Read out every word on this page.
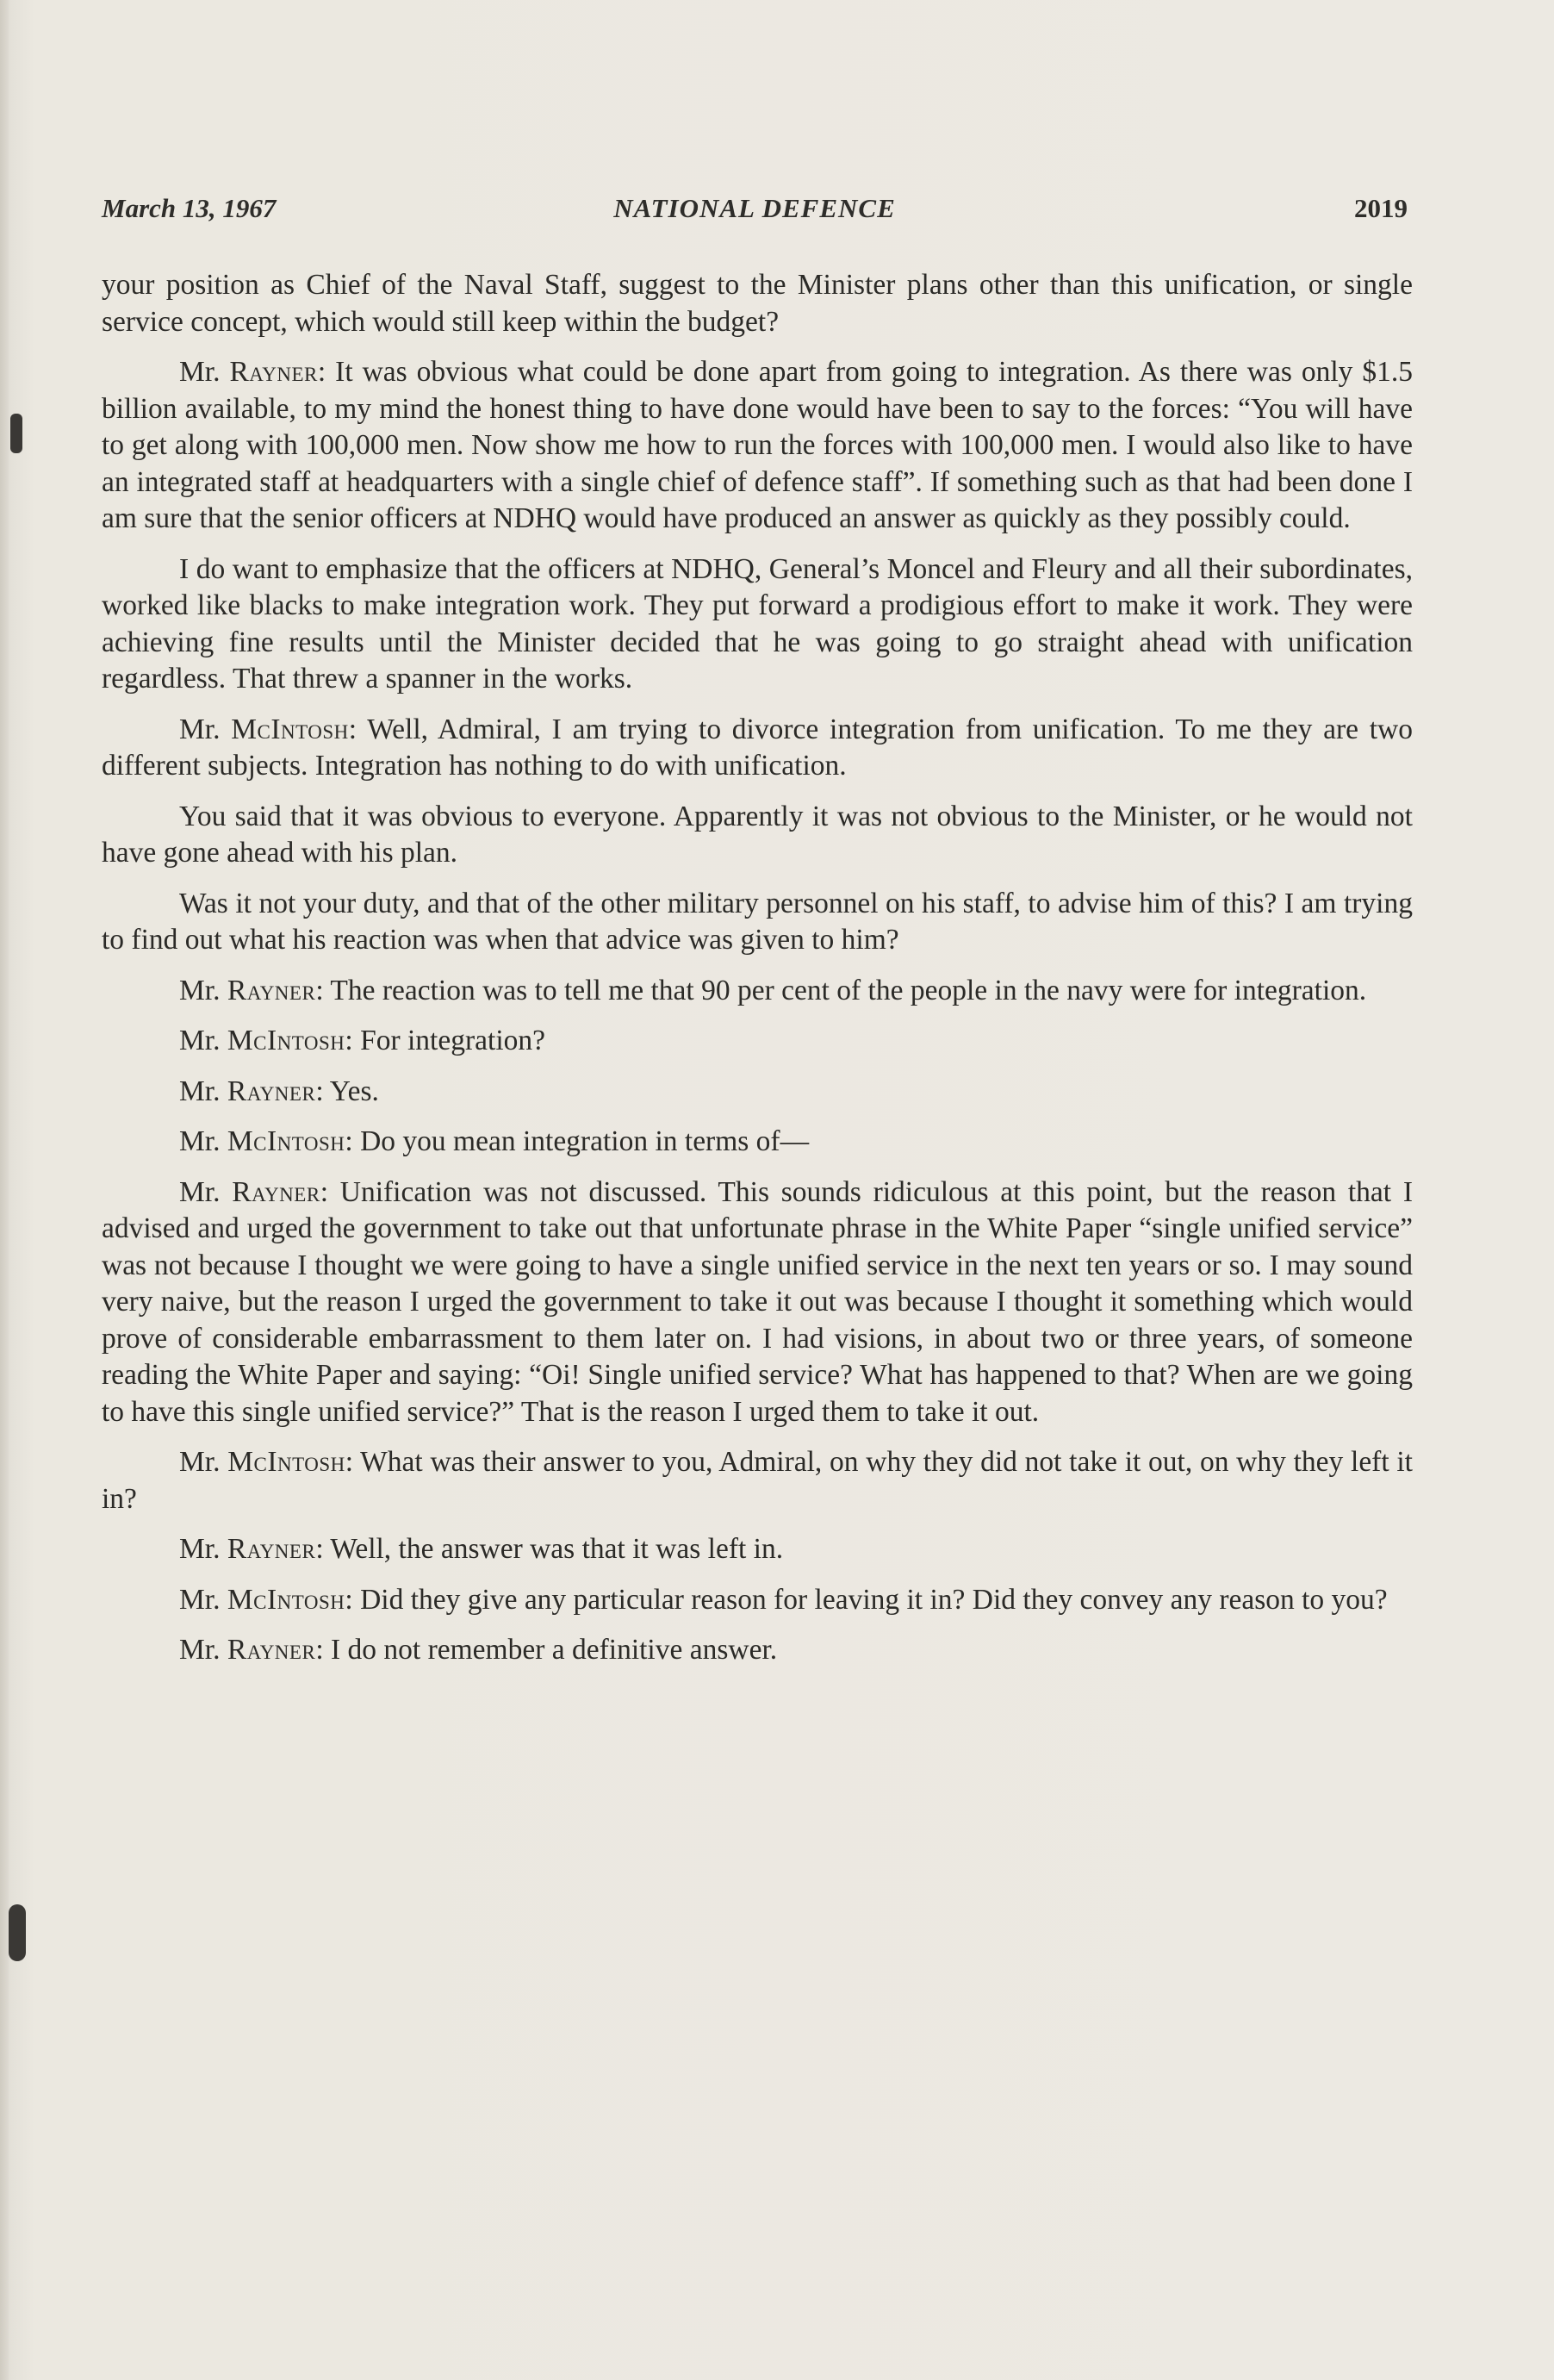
March 13, 1967	NATIONAL DEFENCE	2019

your position as Chief of the Naval Staff, suggest to the Minister plans other than this unification, or single service concept, which would still keep within the budget?

Mr. Rayner: It was obvious what could be done apart from going to integration. As there was only $1.5 billion available, to my mind the honest thing to have done would have been to say to the forces: “You will have to get along with 100,000 men. Now show me how to run the forces with 100,000 men. I would also like to have an integrated staff at headquarters with a single chief of defence staff”. If something such as that had been done I am sure that the senior officers at NDHQ would have produced an answer as quickly as they possibly could.

I do want to emphasize that the officers at NDHQ, General’s Moncel and Fleury and all their subordinates, worked like blacks to make integration work. They put forward a prodigious effort to make it work. They were achieving fine results until the Minister decided that he was going to go straight ahead with unification regardless. That threw a spanner in the works.

Mr. McIntosh: Well, Admiral, I am trying to divorce integration from unification. To me they are two different subjects. Integration has nothing to do with unification.

You said that it was obvious to everyone. Apparently it was not obvious to the Minister, or he would not have gone ahead with his plan.

Was it not your duty, and that of the other military personnel on his staff, to advise him of this? I am trying to find out what his reaction was when that advice was given to him?

Mr. Rayner: The reaction was to tell me that 90 per cent of the people in the navy were for integration.

Mr. McIntosh: For integration?

Mr. Rayner: Yes.

Mr. McIntosh: Do you mean integration in terms of—

Mr. Rayner: Unification was not discussed. This sounds ridiculous at this point, but the reason that I advised and urged the government to take out that unfortunate phrase in the White Paper “single unified service” was not because I thought we were going to have a single unified service in the next ten years or so. I may sound very naive, but the reason I urged the government to take it out was because I thought it something which would prove of considerable embarrassment to them later on. I had visions, in about two or three years, of someone reading the White Paper and saying: “Oi! Single unified service? What has happened to that? When are we going to have this single unified service?” That is the reason I urged them to take it out.

Mr. McIntosh: What was their answer to you, Admiral, on why they did not take it out, on why they left it in?

Mr. Rayner: Well, the answer was that it was left in.

Mr. McIntosh: Did they give any particular reason for leaving it in? Did they convey any reason to you?

Mr. Rayner: I do not remember a definitive answer.
